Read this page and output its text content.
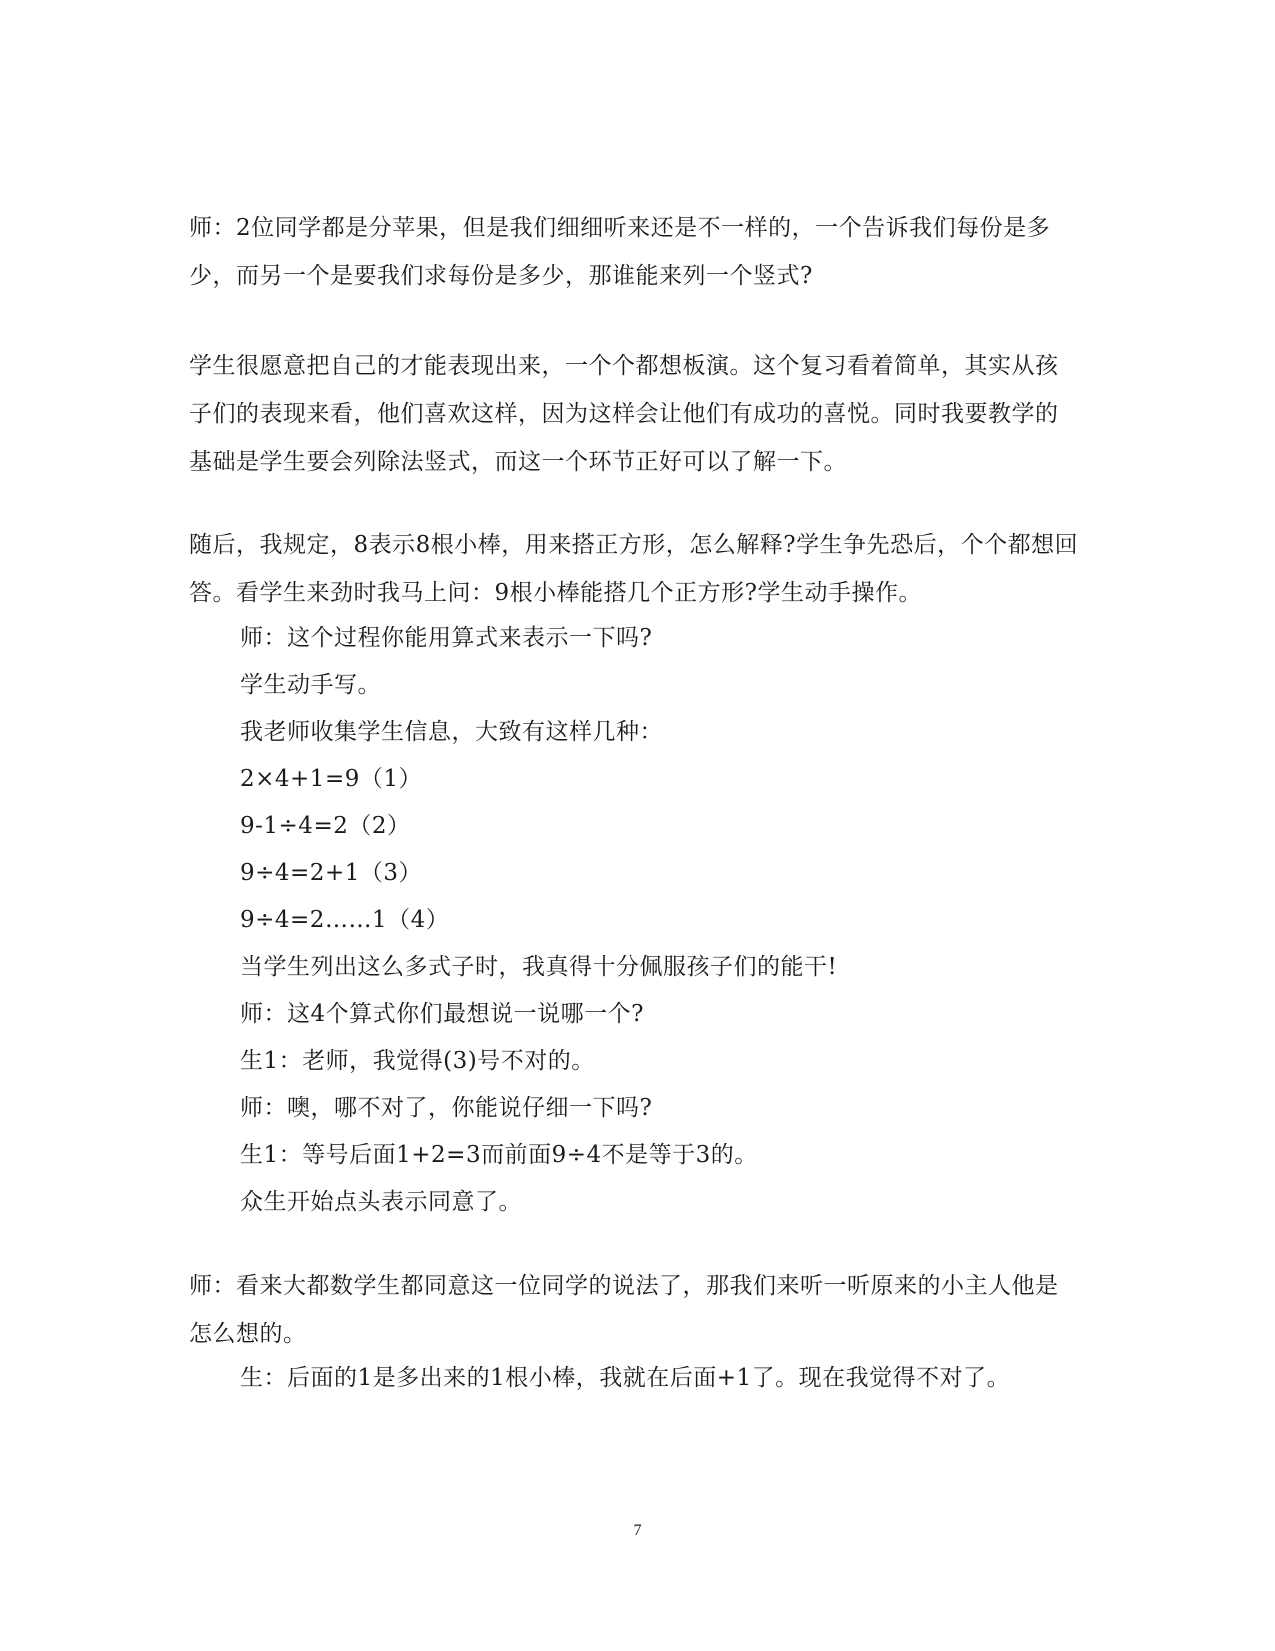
师：2位同学都是分苹果，但是我们细细听来还是不一样的，一个告诉我们每份是多少，而另一个是要我们求每份是多少，那谁能来列一个竖式?

学生很愿意把自己的才能表现出来，一个个都想板演。这个复习看着简单，其实从孩子们的表现来看，他们喜欢这样，因为这样会让他们有成功的喜悦。同时我要教学的基础是学生要会列除法竖式，而这一个环节正好可以了解一下。

随后，我规定，8表示8根小棒，用来搭正方形，怎么解释?学生争先恐后，个个都想回答。看学生来劲时我马上问：9根小棒能搭几个正方形?学生动手操作。

师：这个过程你能用算式来表示一下吗?

学生动手写。

我老师收集学生信息，大致有这样几种：

2×4+1=9（1）

9-1÷4=2（2）

9÷4=2+1（3）

9÷4=2……1（4）

当学生列出这么多式子时，我真得十分佩服孩子们的能干!

师：这4个算式你们最想说一说哪一个?

生1：老师，我觉得(3)号不对的。

师：噢，哪不对了，你能说仔细一下吗?

生1：等号后面1+2=3而前面9÷4不是等于3的。

众生开始点头表示同意了。

师：看来大都数学生都同意这一位同学的说法了，那我们来听一听原来的小主人他是怎么想的。

生：后面的1是多出来的1根小棒，我就在后面+1了。现在我觉得不对了。

7
